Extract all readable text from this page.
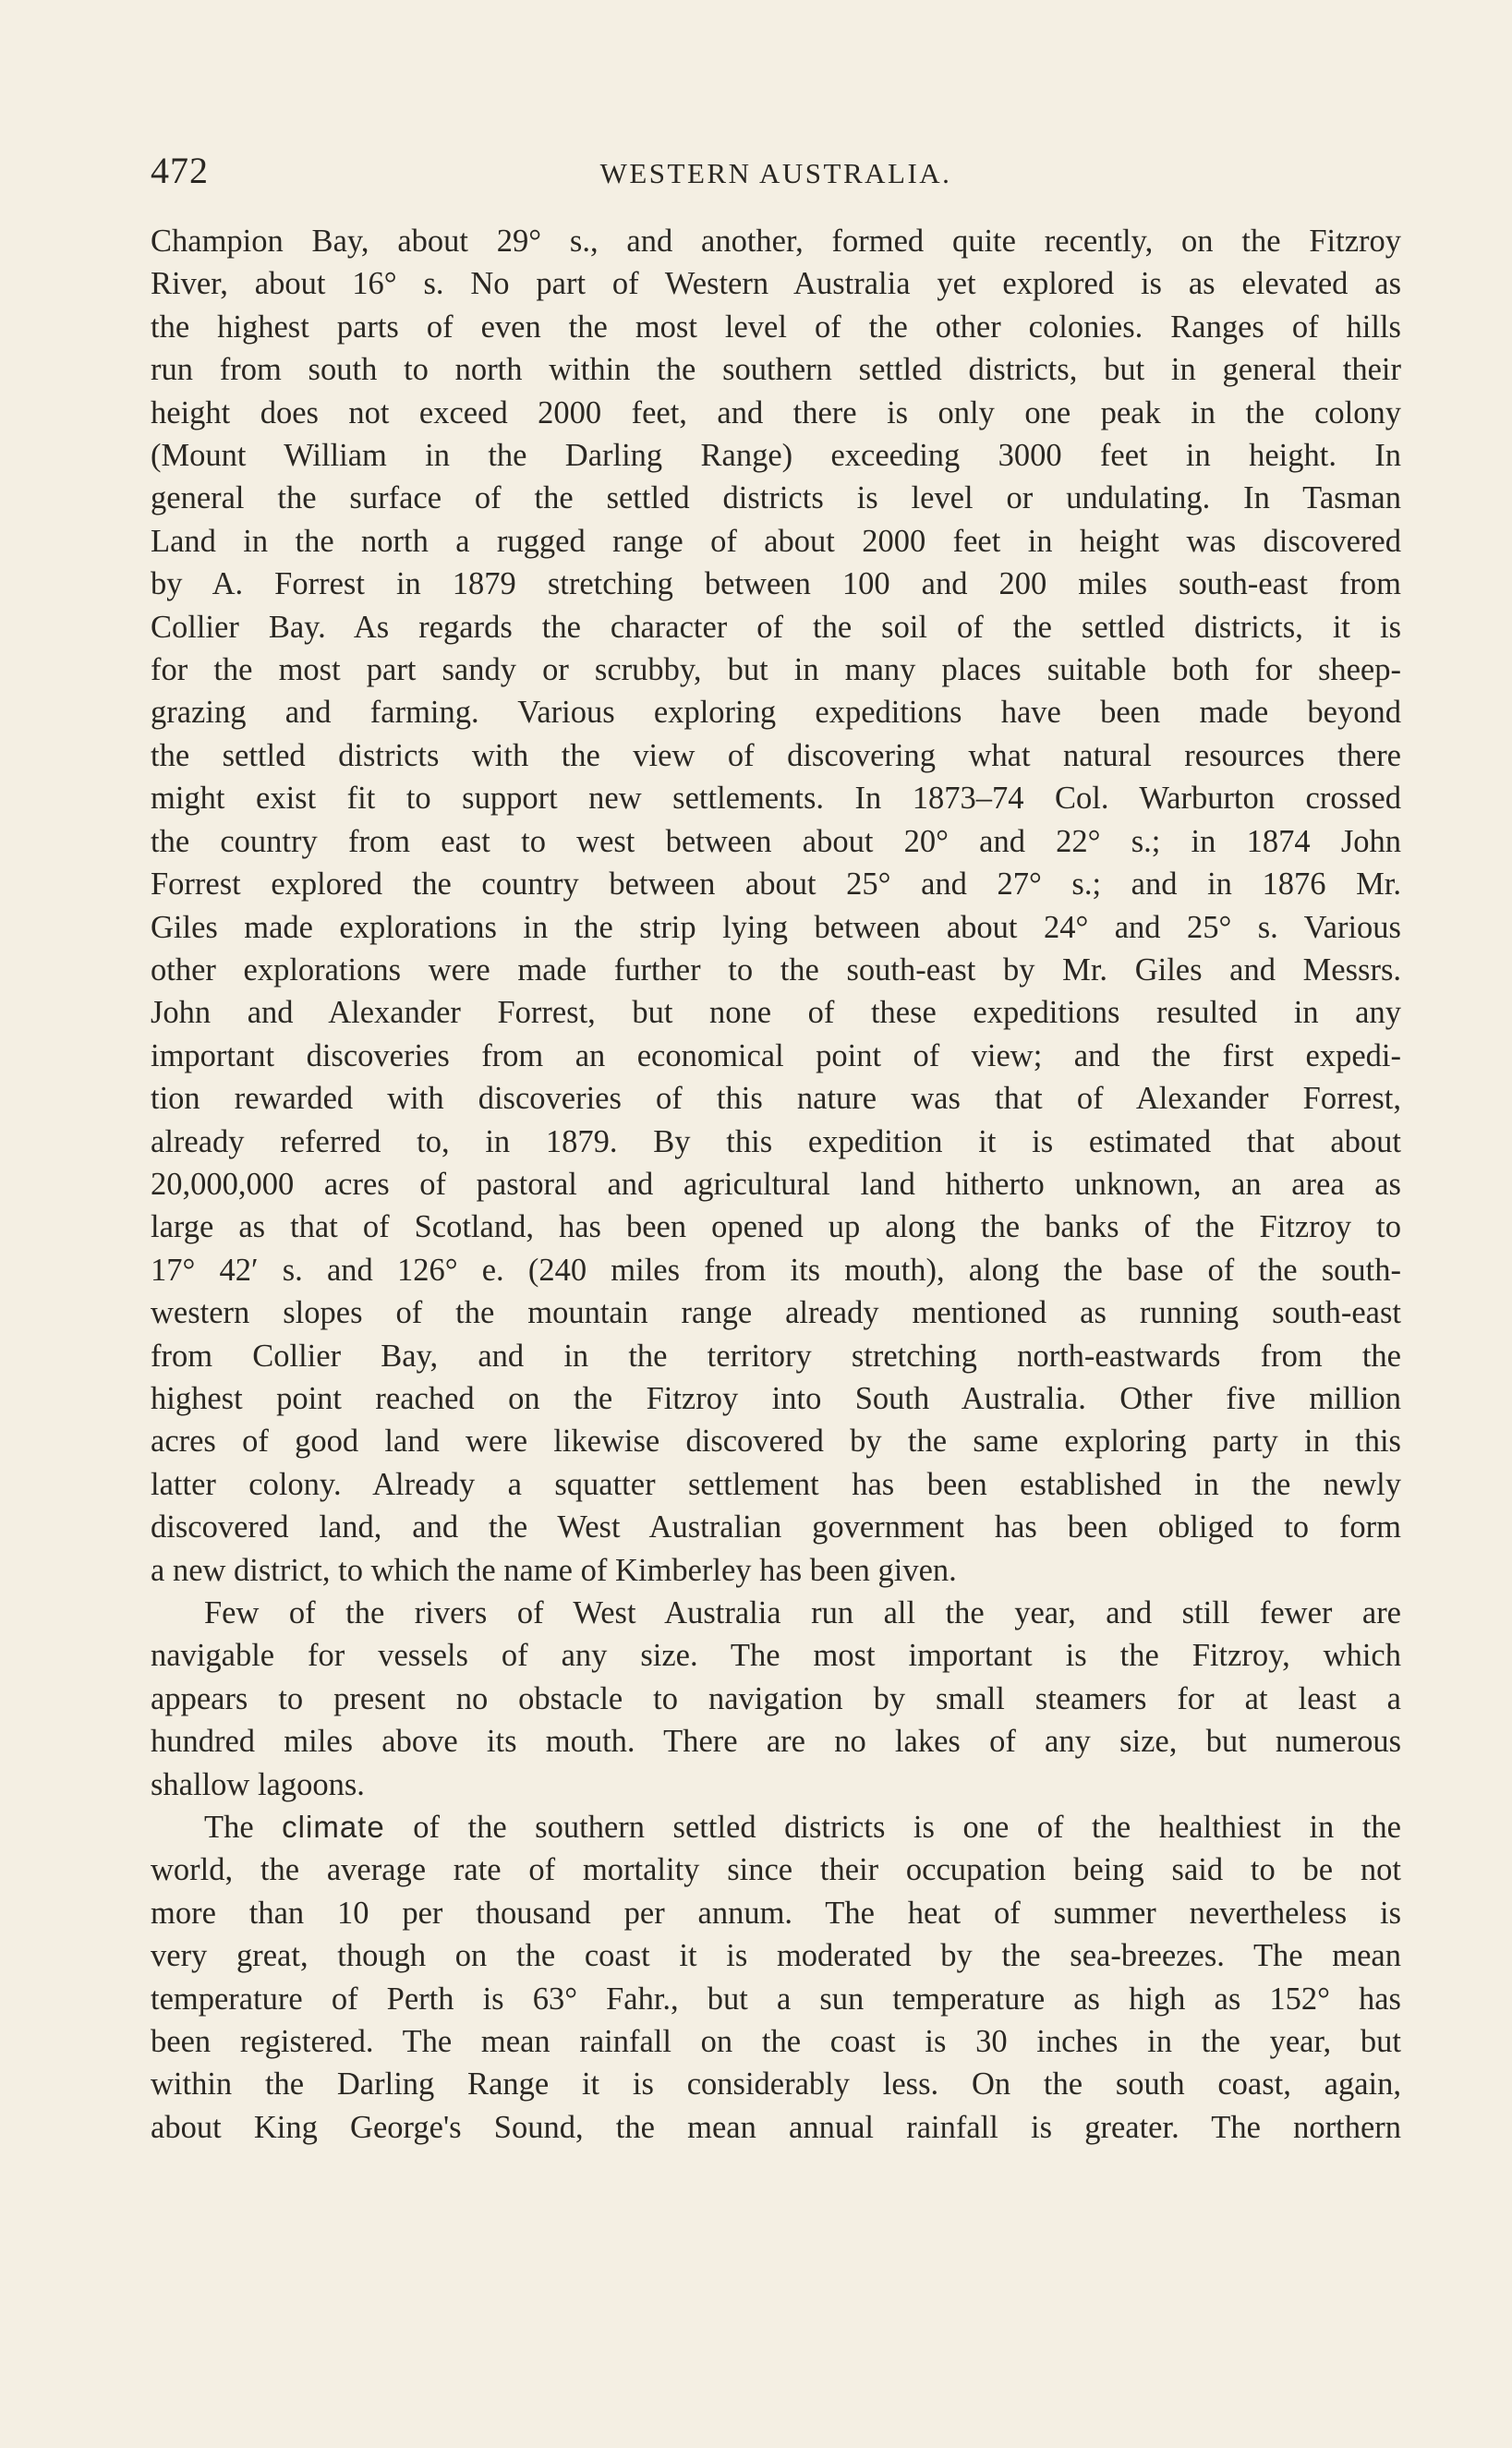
472	WESTERN AUSTRALIA.

Champion Bay, about 29° s., and another, formed quite recently, on the Fitzroy

River, about 16° s. No part of Western Australia yet explored is as elevated as

the highest parts of even the most level of the other colonies. Ranges of hills

run from south to north within the southern settled districts, but in general their

height does not exceed 2000 feet, and there is only one peak in the colony

(Mount William in the Darling Range) exceeding 3000 feet in height. In

general the surface of the settled districts is level or undulating. In Tasman

Land in the north a rugged range of about 2000 feet in height was discovered

by A. Forrest in 1879 stretching between 100 and 200 miles south-east from

Collier Bay. As regards the character of the soil of the settled districts, it is

for the most part sandy or scrubby, but in many places suitable both for sheep-

grazing and farming. Various exploring expeditions have been made beyond

the settled districts with the view of discovering what natural resources there

might exist fit to support new settlements. In 1873–74 Col. Warburton crossed

the country from east to west between about 20° and 22° s.; in 1874 John

Forrest explored the country between about 25° and 27° s.; and in 1876 Mr.

Giles made explorations in the strip lying between about 24° and 25° s. Various

other explorations were made further to the south-east by Mr. Giles and Messrs.

John and Alexander Forrest, but none of these expeditions resulted in any

important discoveries from an economical point of view; and the first expedi-

tion rewarded with discoveries of this nature was that of Alexander Forrest,

already referred to, in 1879. By this expedition it is estimated that about

20,000,000 acres of pastoral and agricultural land hitherto unknown, an area as

large as that of Scotland, has been opened up along the banks of the Fitzroy to

17° 42′ s. and 126° e. (240 miles from its mouth), along the base of the south-

western slopes of the mountain range already mentioned as running south-east

from Collier Bay, and in the territory stretching north-eastwards from the

highest point reached on the Fitzroy into South Australia. Other five million

acres of good land were likewise discovered by the same exploring party in this

latter colony. Already a squatter settlement has been established in the newly

discovered land, and the West Australian government has been obliged to form

a new district, to which the name of Kimberley has been given.

Few of the rivers of West Australia run all the year, and still fewer are

navigable for vessels of any size. The most important is the Fitzroy, which

appears to present no obstacle to navigation by small steamers for at least a

hundred miles above its mouth. There are no lakes of any size, but numerous

shallow lagoons.

The climate of the southern settled districts is one of the healthiest in the

world, the average rate of mortality since their occupation being said to be not

more than 10 per thousand per annum. The heat of summer nevertheless is

very great, though on the coast it is moderated by the sea-breezes. The mean

temperature of Perth is 63° Fahr., but a sun temperature as high as 152° has

been registered. The mean rainfall on the coast is 30 inches in the year, but

within the Darling Range it is considerably less. On the south coast, again,

about King George's Sound, the mean annual rainfall is greater. The northern
